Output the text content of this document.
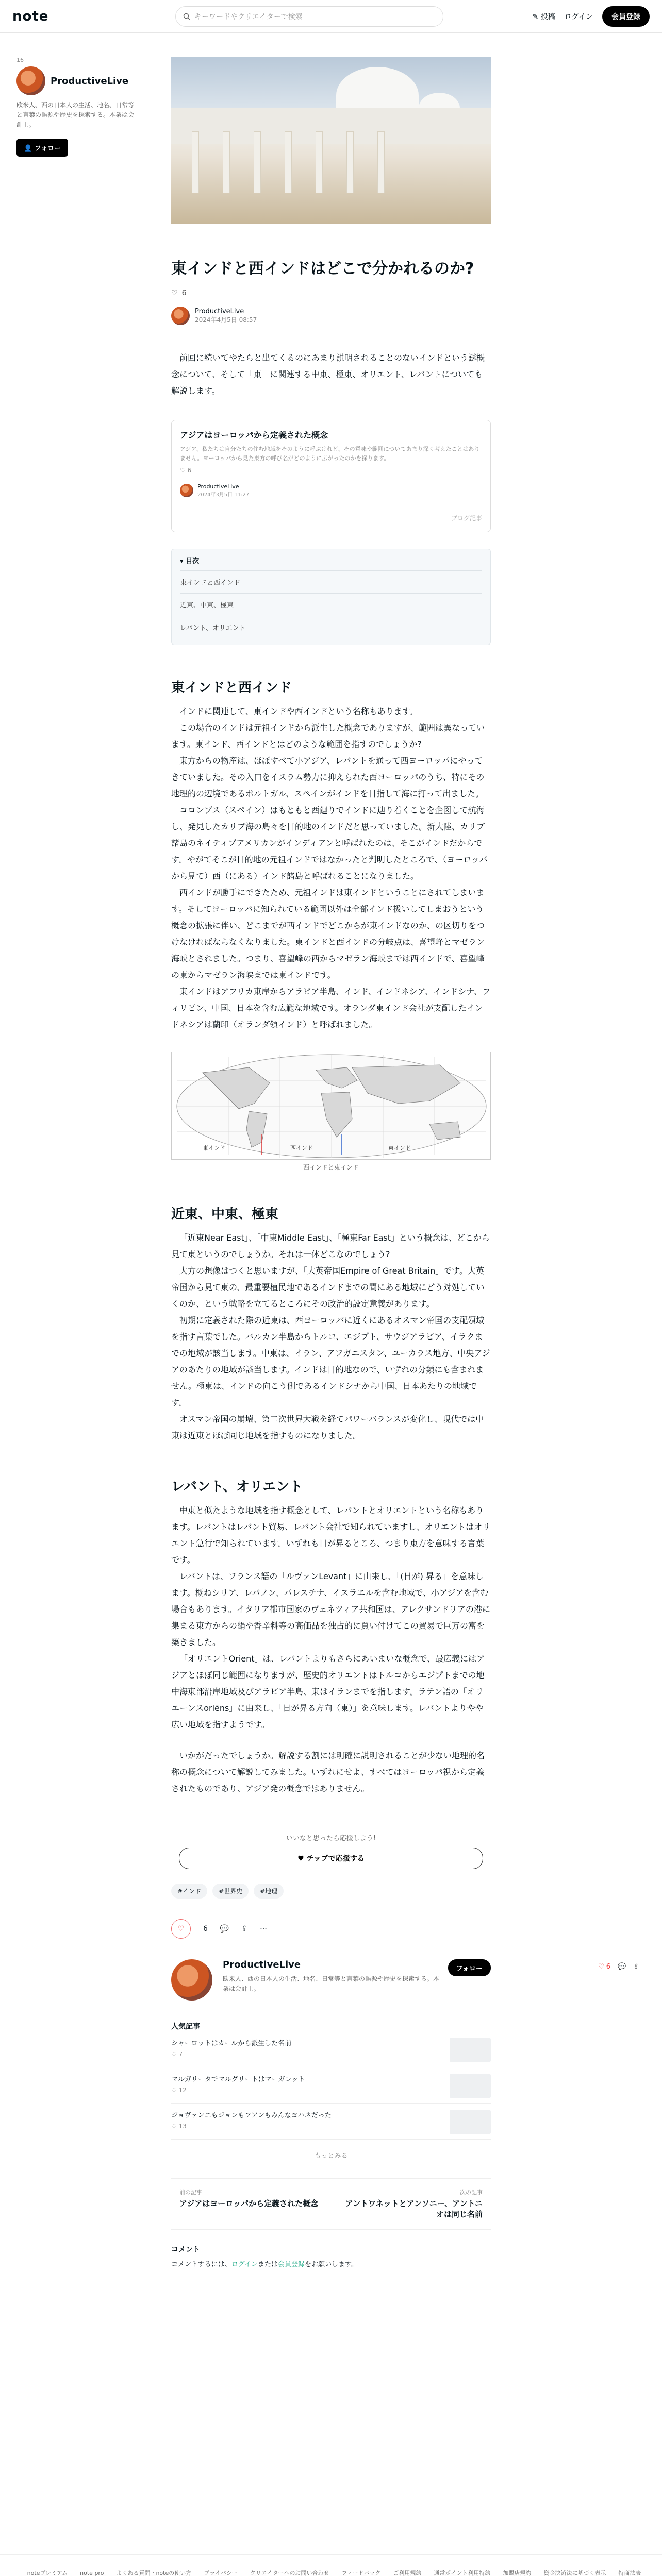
note	キーワードやクリエイターで検索	✎ 投稿 ログイン	会員登録
16
ProductiveLive
欧米人、西の日本人の生活、地名、日常等と言葉の語源や歴史を探索する。本業は会計士。
👤 フォロー
♡ 6 💬 ⇪
東インドと西インドはどこで分かれるのか?
♡ 6
ProductiveLive
2024年4月5日 08:57

前回に続いてやたらと出てくるのにあまり説明されることのないインドという謎概念について、そして「東」に関連する中東、極東、オリエント、レバントについても解説します。

アジアはヨーロッパから定義された概念
アジア、私たちは自分たちの住む地域をそのように呼ぶけれど、その意味や範囲についてあまり深く考えたことはありません。ヨーロッパから見た東方の呼び名がどのように広がったのかを探ります。
♡ 6
ProductiveLive
2024年3月5日 11:27
ブログ記事
▾ 目次
東インドと西インド
近東、中東、極東
レバント、オリエント
東インドと西インド

インドに関連して、東インドや西インドという名称もあります。

この場合のインドは元祖インドから派生した概念でありますが、範囲は異なっています。東インド、西インドとはどのような範囲を指すのでしょうか?

東方からの物産は、ほぼすべて小アジア、レバントを通って西ヨーロッパにやってきていました。その入口をイスラム勢力に抑えられた西ヨーロッパのうち、特にその地理的の辺境であるポルトガル、スペインがインドを目指して海に打って出ました。

コロンブス（スペイン）はもともと西廻りでインドに辿り着くことを企図して航海し、発見したカリブ海の島々を目的地のインドだと思っていました。新大陸、カリブ諸島のネイティブアメリカンがインディアンと呼ばれたのは、そこがインドだからです。やがてそこが目的地の元祖インドではなかったと判明したところで、（ヨーロッパから見て）西（にある）インド諸島と呼ばれることになりました。

西インドが勝手にできたため、元祖インドは東インドということにされてしまいます。そしてヨーロッパに知られている範囲以外は全部インド扱いしてしまおうという概念の拡張に伴い、どこまでが西インドでどこからが東インドなのか、の区切りをつけなければならなくなりました。東インドと西インドの分岐点は、喜望峰とマゼラン海峡とされました。つまり、喜望峰の西からマゼラン海峡までは西インドで、喜望峰の東からマゼラン海峡までは東インドです。

東インドはアフリカ東岸からアラビア半島、インド、インドネシア、インドシナ、フィリピン、中国、日本を含む広範な地域です。オランダ東インド会社が支配したインドネシアは蘭印（オランダ領インド）と呼ばれました。

東インド	西インド	東インド
西インドと東インド
近東、中東、極東

「近東Near East」、「中東Middle East」、「極東Far East」という概念は、どこから見て東というのでしょうか。それは一体どこなのでしょう?

大方の想像はつくと思いますが、「大英帝国Empire of Great Britain」です。大英帝国から見て東の、最重要植民地であるインドまでの間にある地域にどう対処していくのか、という戦略を立てるところにその政治的設定意義があります。

初期に定義された際の近東は、西ヨーロッパに近くにあるオスマン帝国の支配領域を指す言葉でした。バルカン半島からトルコ、エジプト、サウジアラビア、イラクまでの地域が該当します。中東は、イラン、アフガニスタン、ユーカラス地方、中央アジアのあたりの地域が該当します。インドは目的地なので、いずれの分類にも含まれません。極東は、インドの向こう側であるインドシナから中国、日本あたりの地域です。

オスマン帝国の崩壊、第二次世界大戦を経てパワーバランスが変化し、現代では中東は近東とほぼ同じ地域を指すものになりました。

レバント、オリエント

中東と似たような地域を指す概念として、レバントとオリエントという名称もあります。レバントはレバント貿易、レバント会社で知られていますし、オリエントはオリエント急行で知られています。いずれも日が昇るところ、つまり東方を意味する言葉です。

レバントは、フランス語の「ルヴァンLevant」に由来し、「(日が) 昇る」を意味します。概ねシリア、レバノン、パレスチナ、イスラエルを含む地域で、小アジアを含む場合もあります。イタリア都市国家のヴェネツィア共和国は、アレクサンドリアの港に集まる東方からの絹や香辛料等の高価品を独占的に買い付けてこの貿易で巨万の富を築きました。

「オリエントOrient」は、レバントよりもさらにあいまいな概念で、最広義にはアジアとほぼ同じ範囲になりますが、歴史的オリエントはトルコからエジプトまでの地中海東部沿岸地域及びアラビア半島、東はイランまでを指します。ラテン語の「オリエーンスoriēns」に由来し、「日が昇る方向（東）」を意味します。レバントよりやや広い地域を指すようです。

いかがだったでしょうか。解説する割には明確に説明されることが少ない地理的名称の概念について解説してみました。いずれにせよ、すべてはヨーロッパ視から定義されたものであり、アジア発の概念ではありません。

いいなと思ったら応援しよう!
♥ チップで応援する
#インド	#世界史	#地理
♡	6 💬 ⇪ ⋯
ProductiveLive
欧米人、西の日本人の生活、地名、日常等と言葉の語源や歴史を探索する。本業は会計士。
フォロー
人気記事
シャーロットはカールから派生した名前
♡ 7
マルガリータでマルグリートはマーガレット
♡ 12
ジョヴァンニもジョンもフアンもみんなヨハネだった
♡ 13
もっとみる
前の記事
アジアはヨーロッパから定義された概念
次の記事
アントワネットとアンソニー、アントニオは同じ名前
コメント

コメントするには、ログインまたは会員登録をお願いします。

noteプレミアム note pro よくある質問・noteの使い方 プライバシー クリエイターへのお問い合わせ フィードバック ご利用規約 通常ポイント利用特約 加盟店規約 資金決済法に基づく表示 特商法表
